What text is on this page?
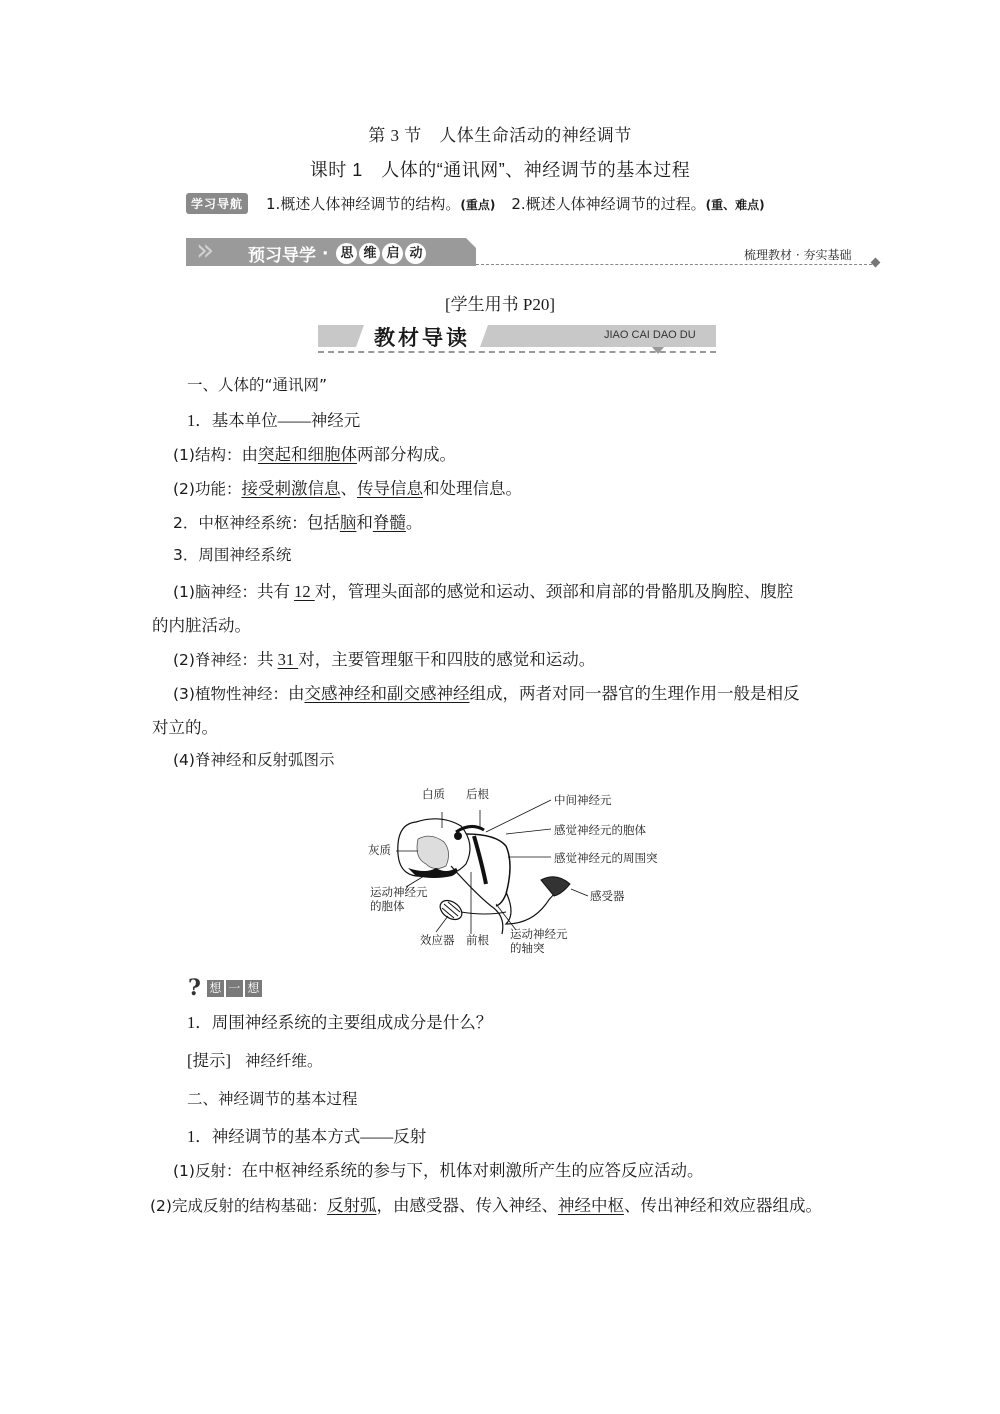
第 3 节　人体生命活动的神经调节
课时 1　人体的“通讯网”、神经调节的基本过程
学习导航	1.概述人体神经调节的结构。(重点) 2.概述人体神经调节的过程。(重、难点)
»	预习导学 · 思 维 启 动	梳理教材 · 夯实基础
[学生用书 P20]
教材导读	JIAO CAI DAO DU
一、人体的“通讯网”
1．基本单位——神经元
(1)结构：由突起和细胞体两部分构成。
(2)功能：接受刺激信息、传导信息和处理信息。
2．中枢神经系统：包括脑和脊髓。
3．周围神经系统
(1)脑神经：共有 12 对，管理头面部的感觉和运动、颈部和肩部的骨骼肌及胸腔、腹腔
的内脏活动。
(2)脊神经：共 31 对，主要管理躯干和四肢的感觉和运动。
(3)植物性神经：由交感神经和副交感神经组成，两者对同一器官的生理作用一般是相反
对立的。
(4)脊神经和反射弧图示
白质 后根	中间神经元
感觉神经元的胞体
灰质
感觉神经元的周围突
运动神经元
的胞体
感受器
效应器 前根 运动神经元
的轴突
? 想 一 想
1．周围神经系统的主要组成成分是什么？
[提示] 神经纤维。
二、神经调节的基本过程
1．神经调节的基本方式——反射
(1)反射：在中枢神经系统的参与下，机体对刺激所产生的应答反应活动。
(2)完成反射的结构基础：反射弧，由感受器、传入神经、神经中枢、传出神经和效应器组成。
